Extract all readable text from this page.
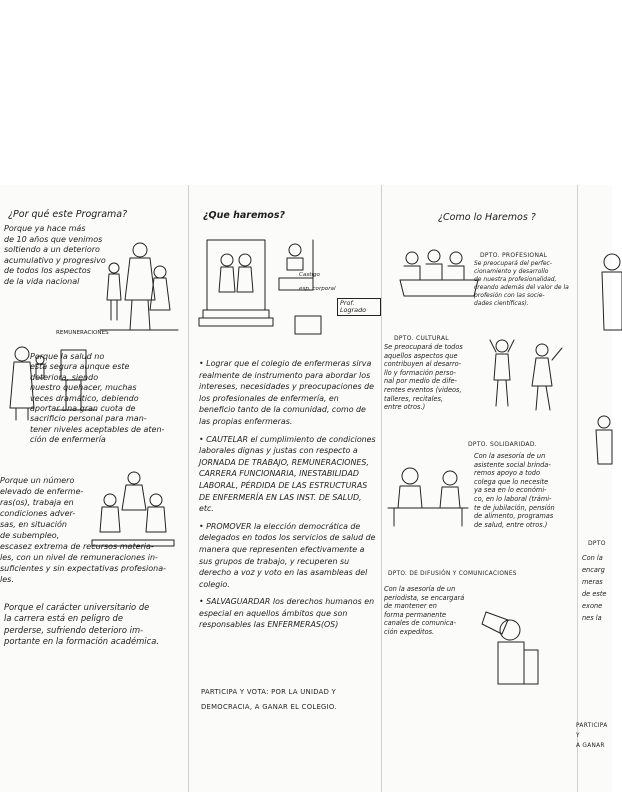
¿Por qué este Programa?
Porque ya hace más
de 10 años que venimos
soltiendo a un deterioro
acumulativo y progresivo
de todos los aspectos
de la vida nacional
REMUNERACIONES
Porque la salud no
está segura aunque este
deteriora, siendo
nuestro quehacer, muchas
veces dramático, debiendo
aportar una gran cuota de
sacrificio personal para man-
tener niveles aceptables de aten-
ción de enfermería
Porque un número
elevado de enferme-
ras(os), trabaja en
condiciones adver-
sas, en situación
de subempleo,
escasez extrema de recursos materia-
les, con un nivel de remuneraciones in-
suficientes y sin expectativas profesiona-
les.
Porque el carácter universitario de
la carrera está en peligro de
perderse, sufriendo deterioro im-
portante en la formación académica.
¿Que haremos?

Castigo

esp. corporal

Prof. Logrado
• Lograr que el colegio de enfermeras sirva realmente de instrumento para abordar los intereses, necesidades y preocupaciones de los profesionales de enfermería, en beneficio tanto de la comunidad, como de las propias enfermeras.
• CAUTELAR el cumplimiento de condiciones laborales dignas y justas con respecto a JORNADA DE TRABAJO, REMUNERACIONES, CARRERA FUNCIONARIA, INESTABILIDAD LABORAL, PÉRDIDA DE LAS ESTRUCTURAS DE ENFERMERÍA EN LAS INST. DE SALUD, etc.
• PROMOVER la elección democrática de delegados en todos los servicios de salud de manera que representen efectivamente a sus grupos de trabajo, y recuperen su derecho a voz y voto en las asambleas del colegio.
• SALVAGUARDAR los derechos humanos en especial en aquellos ámbitos que son responsables las ENFERMERAS(OS)
PARTICIPA Y VOTA: POR LA UNIDAD Y DEMOCRACIA, A GANAR EL COLEGIO.
¿Como lo Haremos ?
DPTO. PROFESIONAL
Se preocupará del perfec-
cionamiento y desarrollo
de nuestra profesionalidad,
creando además del valor de la
profesión con las socie-
dades científicas).
DPTO. CULTURAL
Se preocupará de todos
aquellos aspectos que
contribuyen al desarro-
llo y formación perso-
nal por medio de dife-
rentes eventos (videos,
talleres, recitales,
entre otros.)
DPTO. SOLIDARIDAD.
Con la asesoría de un
asistente social brinda-
remos apoyo a todo
colega que lo necesite
ya sea en lo económi-
co, en lo laboral (trámi-
te de jubilación, pensión
de alimento, programas
de salud, entre otros.)
DPTO. DE DIFUSIÓN Y COMUNICACIONES
Con la asesoría de un
periodista, se encargará
de mantener en
forma permanente
canales de comunica-
ción expeditos.
DPTO
Con la
encarg
meras
de este
exone
nes la
PARTICIPA Y
A GANAR
